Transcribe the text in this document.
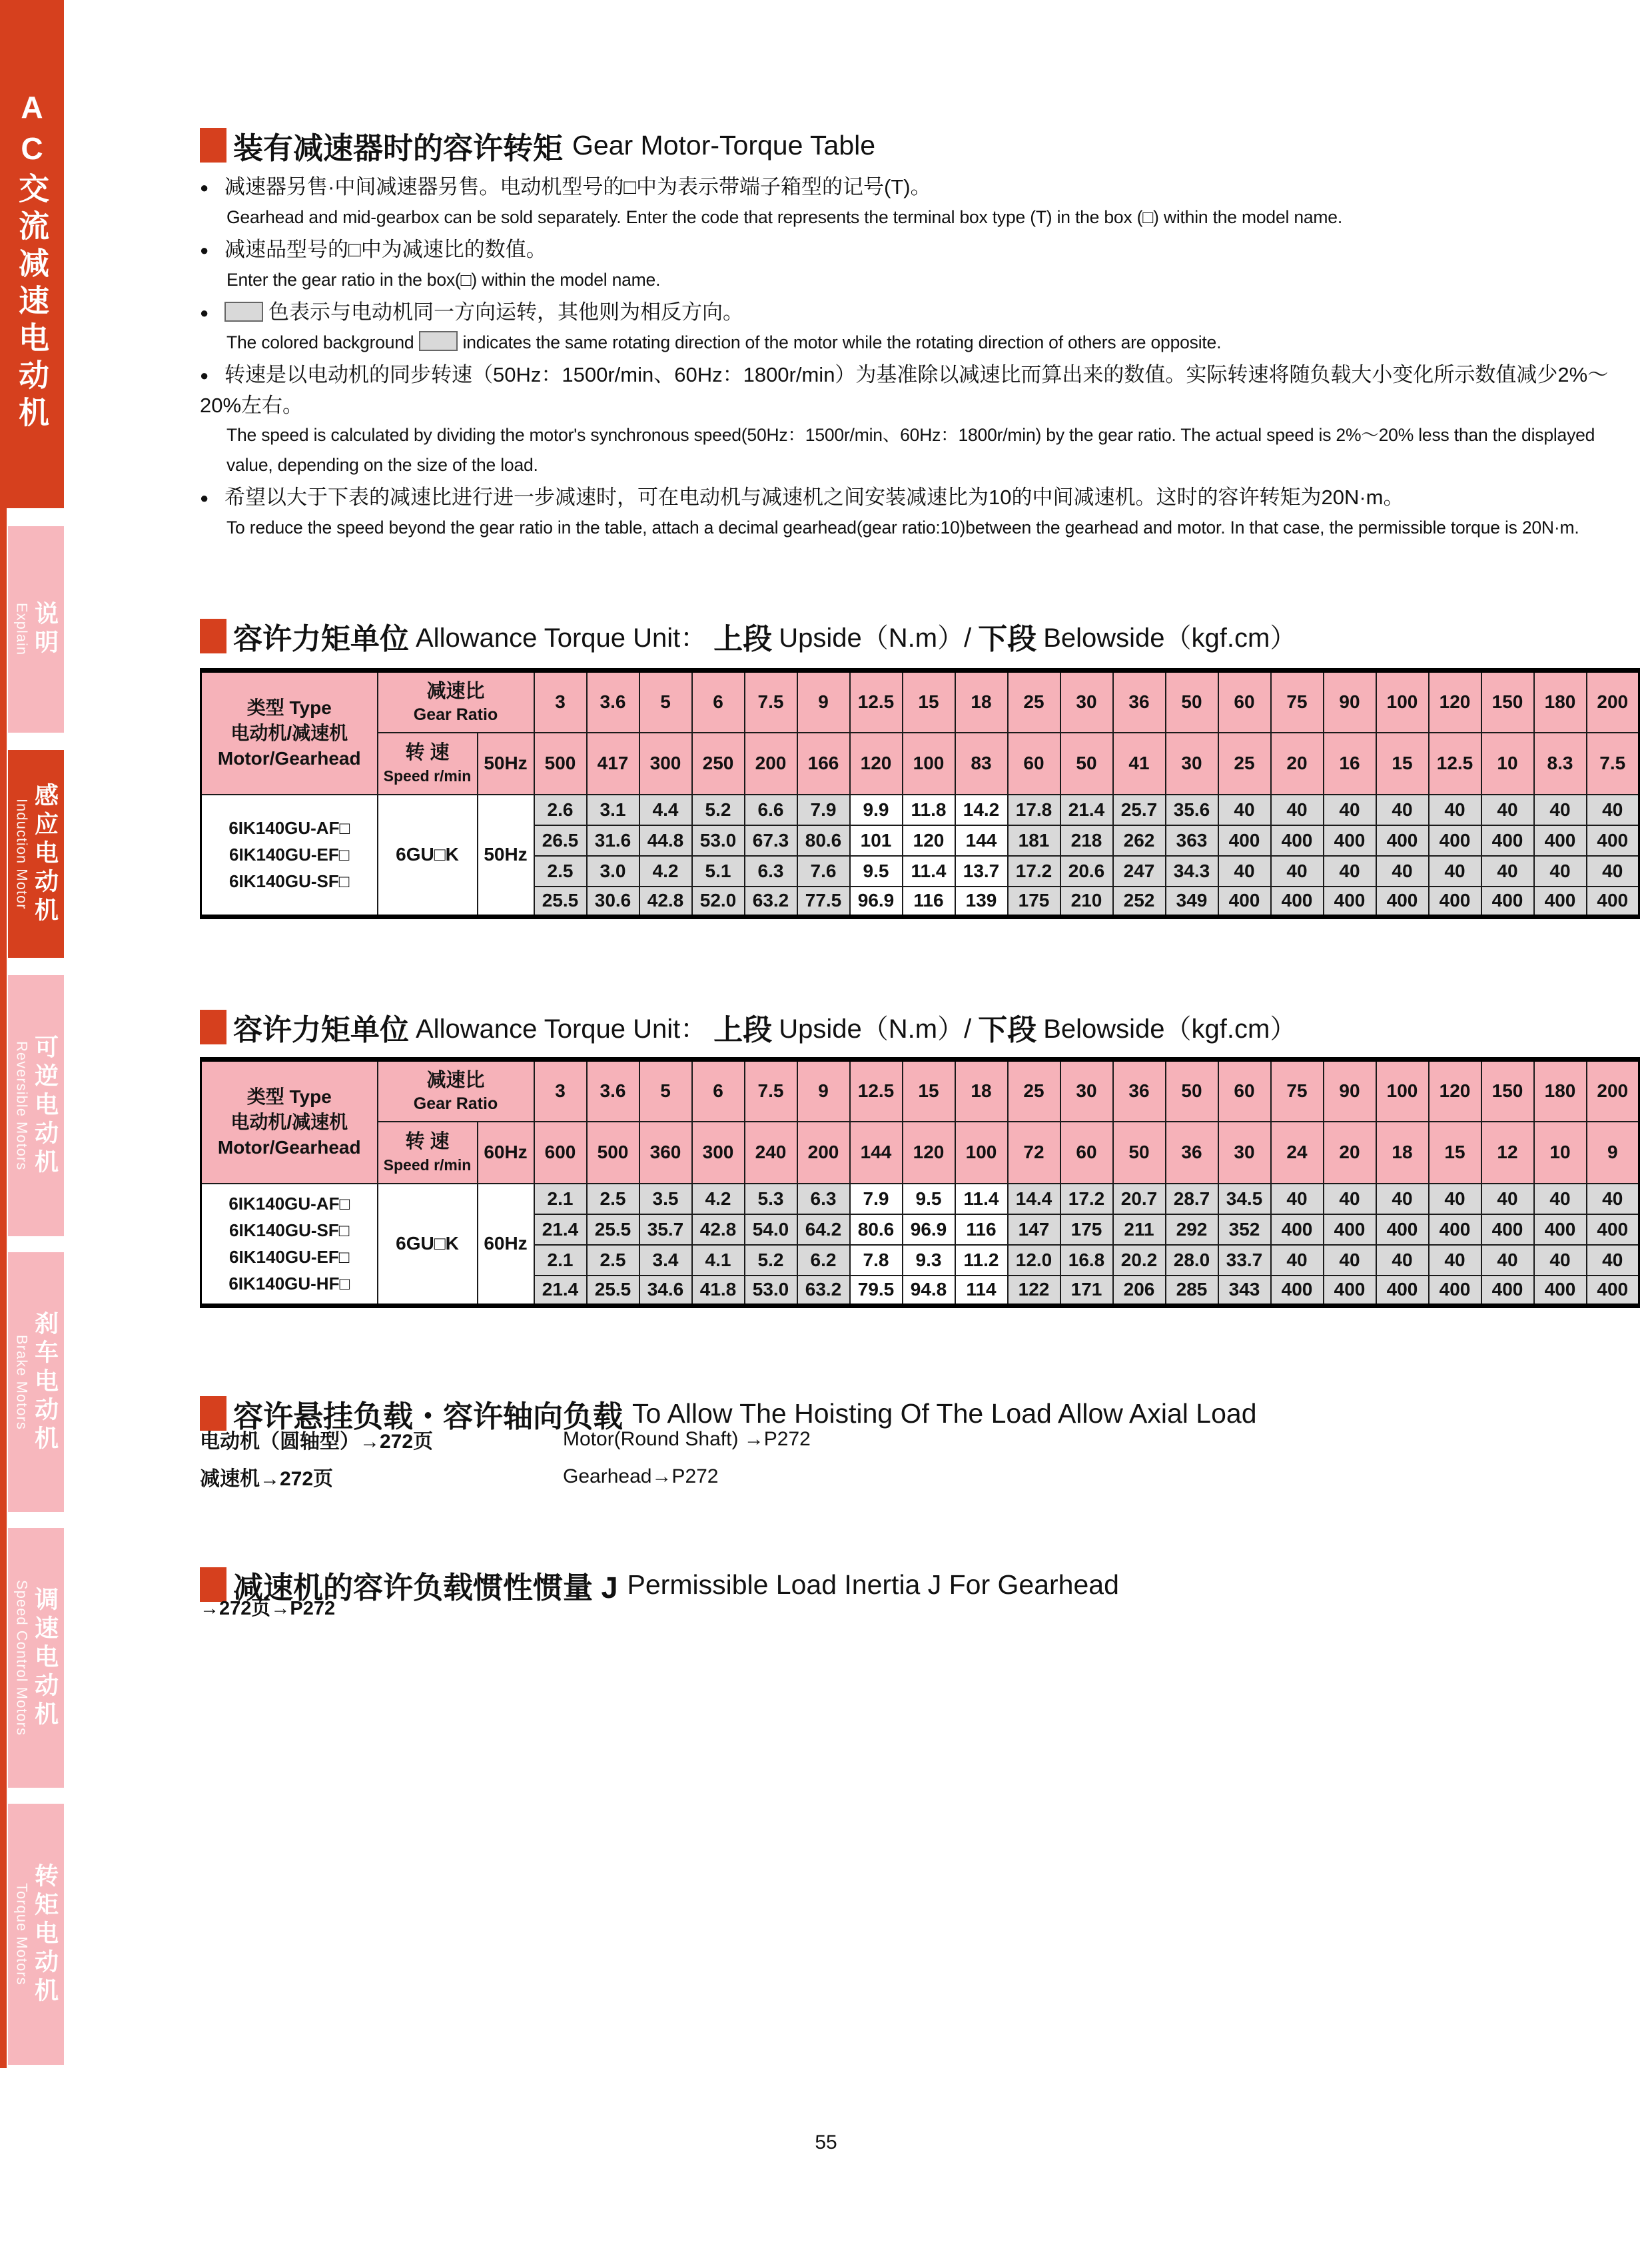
AC交流减速电动机
Explain 说明
Induction Motor 感应电动机
Reversible Motors 可逆电动机
Brake Motors 刹车电动机
Speed Control Motors 调速电动机
Torque Motors 转矩电动机
装有减速器时的容许转矩 Gear Motor-Torque Table
● 减速器另售·中间减速器另售。电动机型号的□中为表示带端子箱型的记号(T)。
Gearhead and mid-gearbox can be sold separately. Enter the code that represents the terminal box type (T) in the box (□) within the model name.
● 减速品型号的□中为减速比的数值。
Enter the gear ratio in the box(□) within the model name.
●	色表示与电动机同一方向运转，其他则为相反方向。
The colored background indicates the same rotating direction of the motor while the rotating direction of others are opposite.
● 转速是以电动机的同步转速（50Hz：1500r/min、60Hz：1800r/min）为基准除以减速比而算出来的数值。实际转速将随负载大小变化所示数值减少2%～20%左右。
The speed is calculated by dividing the motor's synchronous speed(50Hz：1500r/min、60Hz：1800r/min) by the gear ratio. The actual speed is 2%～20% less than the displayed value, depending on the size of the load.
● 希望以大于下表的减速比进行进一步减速时，可在电动机与减速机之间安装减速比为10的中间减速机。这时的容许转矩为20N·m。
To reduce the speed beyond the gear ratio in the table, attach a decimal gearhead(gear ratio:10)between the gearhead and motor. In that case, the permissible torque is 20N·m.
容许力矩单位 Allowance Torque Unit： 上段 Upside（N.m）/ 下段 Belowside（kgf.cm）
类型 Type
电动机/减速机
Motor/Gearhead

减速比
Gear Ratio
	3	3.6	5	6	7.5	9	12.5	15	18	25	30	36	50	60	75	90	100	120	150	180	200

	转 速
Speed r/min	50Hz	500	417	300	250	200	166	120	100	83	60	50	41	30	25	20	16	15	12.5	10	8.3	7.5

6IK140GU-AF□
6IK140GU-EF□
6IK140GU-SF□	6GU□K	50Hz	2.6	3.1	4.4	5.2	6.6	7.9	9.9	11.8	14.2	17.8	21.4	25.7	35.6	40	40	40	40	40	40	40	40
			26.5	31.6	44.8	53.0	67.3	80.6	101	120	144	181	218	262	363	400	400	400	400	400	400	400	400
			2.5	3.0	4.2	5.1	6.3	7.6	9.5	11.4	13.7	17.2	20.6	247	34.3	40	40	40	40	40	40	40	40
			25.5	30.6	42.8	52.0	63.2	77.5	96.9	116	139	175	210	252	349	400	400	400	400	400	400	400	400
容许力矩单位 Allowance Torque Unit： 上段 Upside（N.m）/ 下段 Belowside（kgf.cm）
类型 Type
电动机/减速机
Motor/Gearhead

减速比
Gear Ratio
	3	3.6	5	6	7.5	9	12.5	15	18	25	30	36	50	60	75	90	100	120	150	180	200

	转 速
Speed r/min	60Hz	600	500	360	300	240	200	144	120	100	72	60	50	36	30	24	20	18	15	12	10	9

6IK140GU-AF□
6IK140GU-SF□
6IK140GU-EF□
6IK140GU-HF□	6GU□K	60Hz	2.1	2.5	3.5	4.2	5.3	6.3	7.9	9.5	11.4	14.4	17.2	20.7	28.7	34.5	40	40	40	40	40	40	40
			21.4	25.5	35.7	42.8	54.0	64.2	80.6	96.9	116	147	175	211	292	352	400	400	400	400	400	400	400
			2.1	2.5	3.4	4.1	5.2	6.2	7.8	9.3	11.2	12.0	16.8	20.2	28.0	33.7	40	40	40	40	40	40	40
			21.4	25.5	34.6	41.8	53.0	63.2	79.5	94.8	114	122	171	206	285	343	400	400	400	400	400	400	400
容许悬挂负载・容许轴向负载 To Allow The Hoisting Of The Load Allow Axial Load
电动机（圆轴型）→272页	Motor(Round Shaft) →P272
减速机→272页	Gearhead→P272
减速机的容许负载惯性惯量 J Permissible Load Inertia J For Gearhead
→272页→P272
55
